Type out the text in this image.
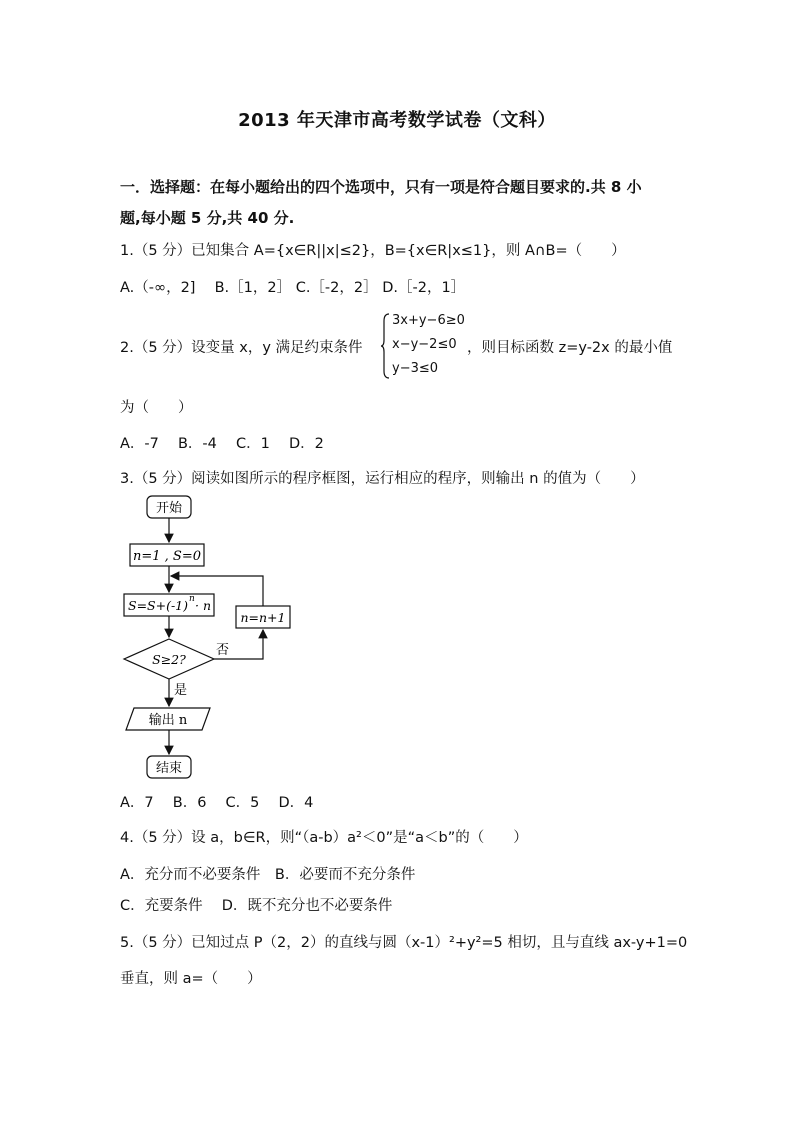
2013 年天津市高考数学试卷（文科）
一．选择题：在每小题给出的四个选项中，只有一项是符合题目要求的.共 8 小
题,每小题 5 分,共 40 分.
1.（5 分）已知集合 A={x∈R||x|≤2}，B={x∈R|x≤1}，则 A∩B=（　　）
A.（-∞，2]　 B.［1，2］ C.［-2，2］ D.［-2，1］
2.（5 分）设变量 x，y 满足约束条件
3x+y−6≥0
x−y−2≤0
y−3≤0
，则目标函数 z=y-2x 的最小值
为（　　）
A．-7　 B．-4　 C．1　 D．2
3.（5 分）阅读如图所示的程序框图，运行相应的程序，则输出 n 的值为（　　）
开始
n=1 , S=0
S=S+(-1) n · n
n=n+1
S≥2?
否
是
输出 n
结束
A．7　 B．6　 C．5　 D．4
4.（5 分）设 a，b∈R，则“（a-b）a²＜0”是“a＜b”的（　　）
A．充分而不必要条件　B．必要而不充分条件
C．充要条件　 D．既不充分也不必要条件
5.（5 分）已知过点 P（2，2）的直线与圆（x-1）²+y²=5 相切，且与直线 ax-y+1=0
垂直，则 a=（　　）
